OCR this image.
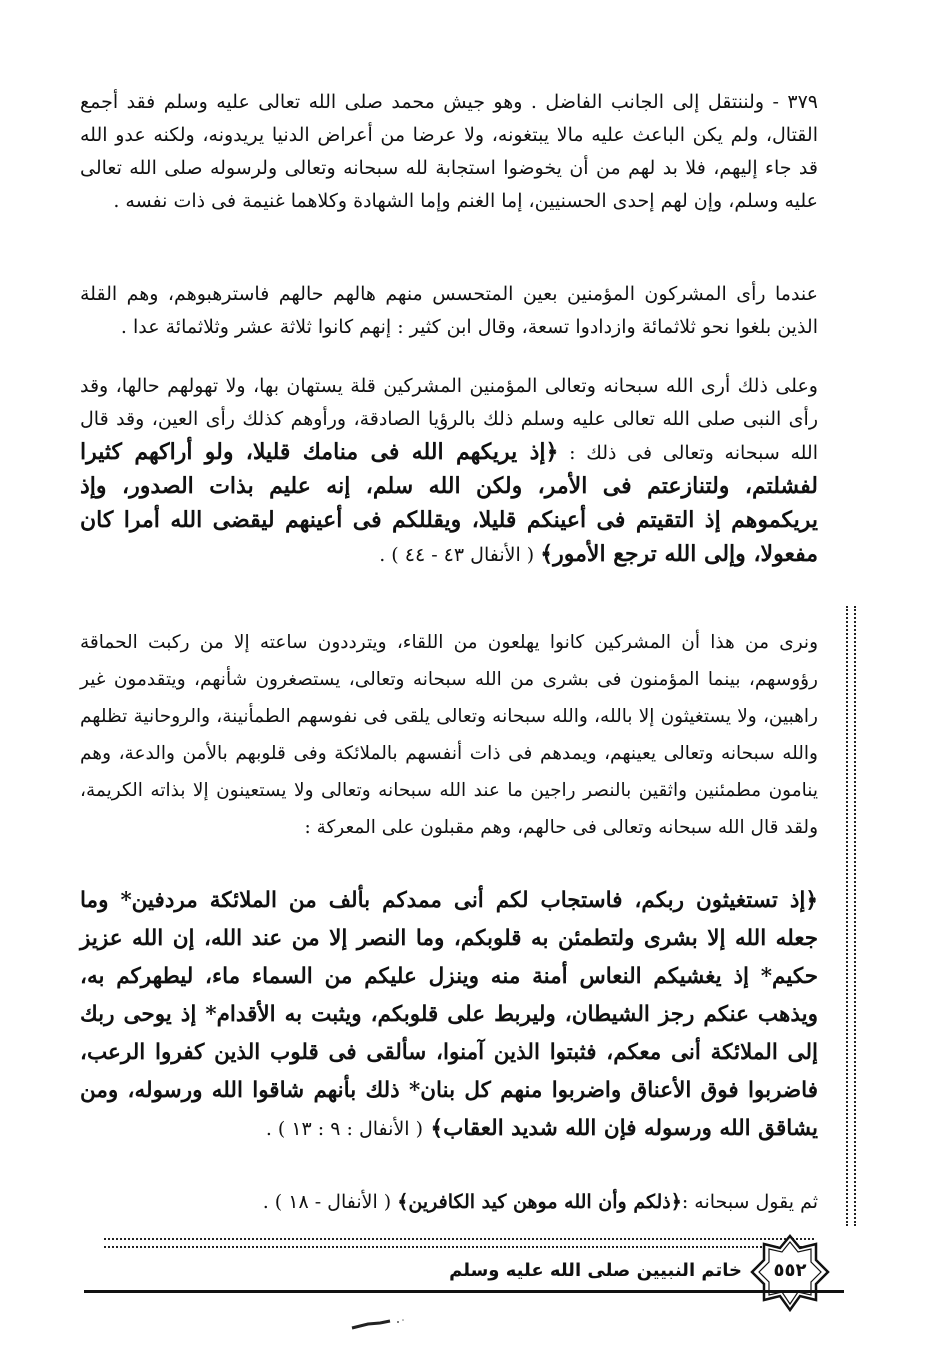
٣٧٩ - ولننتقل إلى الجانب الفاضل . وهو جيش محمد صلى الله تعالى عليه وسلم فقد أجمع القتال، ولم يكن الباعث عليه مالا يبتغونه، ولا عرضا من أعراض الدنيا يريدونه، ولكنه عدو الله قد جاء إليهم، فلا بد لهم من أن يخوضوا استجابة لله سبحانه وتعالى ولرسوله صلى الله تعالى عليه وسلم، وإن لهم إحدى الحسنيين، إما الغنم وإما الشهادة وكلاهما غنيمة فى ذات نفسه .

عندما رأى المشركون المؤمنين بعين المتحسس منهم هالهم حالهم فاسترهبوهم، وهم القلة الذين بلغوا نحو ثلاثمائة وازدادوا تسعة، وقال ابن كثير : إنهم كانوا ثلاثة عشر وثلاثمائة عدا .

وعلى ذلك أرى الله سبحانه وتعالى المؤمنين المشركين قلة يستهان بها، ولا تهولهم حالها، وقد رأى النبى صلى الله تعالى عليه وسلم ذلك بالرؤيا الصادقة، ورأوهم كذلك رأى العين، وقد قال الله سبحانه وتعالى فى ذلك : ﴿إذ يريكهم الله فى منامك قليلا، ولو أراكهم كثيرا لفشلتم، ولتنازعتم فى الأمر، ولكن الله سلم، إنه عليم بذات الصدور، وإذ يريكموهم إذ التقيتم فى أعينكم قليلا، ويقللكم فى أعينهم ليقضى الله أمرا كان مفعولا، وإلى الله ترجع الأمور﴾ ( الأنفال ٤٣ - ٤٤ ) .

ونرى من هذا أن المشركين كانوا يهلعون من اللقاء، ويترددون ساعته إلا من ركبت الحماقة رؤوسهم، بينما المؤمنون فى بشرى من الله سبحانه وتعالى، يستصغرون شأنهم، ويتقدمون غير راهبين، ولا يستغيثون إلا بالله، والله سبحانه وتعالى يلقى فى نفوسهم الطمأنينة، والروحانية تظلهم والله سبحانه وتعالى يعينهم، ويمدهم فى ذات أنفسهم بالملائكة وفى قلوبهم بالأمن والدعة، وهم ينامون مطمئنين واثقين بالنصر راجين ما عند الله سبحانه وتعالى ولا يستعينون إلا بذاته الكريمة، ولقد قال الله سبحانه وتعالى فى حالهم، وهم مقبلون على المعركة :

﴿إذ تستغيثون ربكم، فاستجاب لكم أنى ممدكم بألف من الملائكة مردفين* وما جعله الله إلا بشرى ولتطمئن به قلوبكم، وما النصر إلا من عند الله، إن الله عزيز حكيم* إذ يغشيكم النعاس أمنة منه وينزل عليكم من السماء ماء، ليطهركم به، ويذهب عنكم رجز الشيطان، وليربط على قلوبكم، ويثبت به الأقدام* إذ يوحى ربك إلى الملائكة أنى معكم، فثبتوا الذين آمنوا، سألقى فى قلوب الذين كفروا الرعب، فاضربوا فوق الأعناق واضربوا منهم كل بنان* ذلك بأنهم شاقوا الله ورسوله، ومن يشاقق الله ورسوله فإن الله شديد العقاب﴾ ( الأنفال : ٩ : ١٣ ) .

ثم يقول سبحانه :﴿ذلكم وأن الله موهن كيد الكافرين﴾ ( الأنفال - ١٨ ) .

خاتم النبيين صلى الله عليه وسلم	٥٥٢
